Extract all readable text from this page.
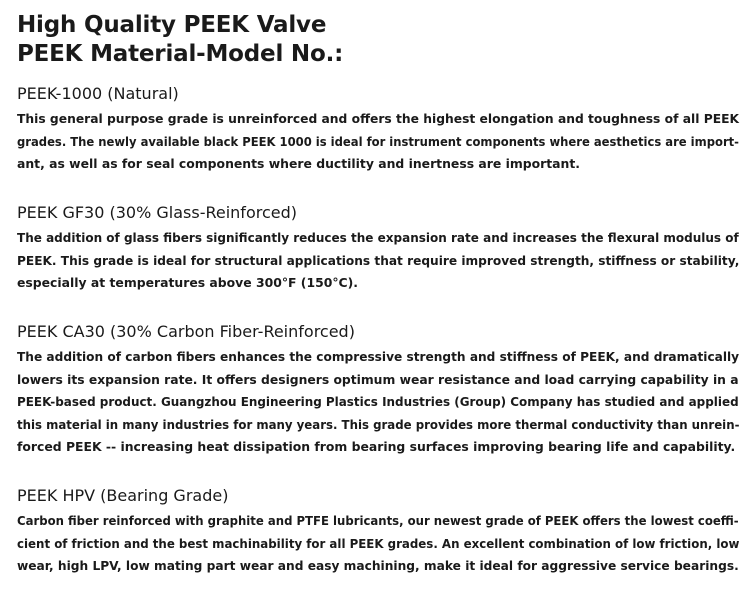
High Quality PEEK Valve
PEEK Material-Model No.:
PEEK-1000 (Natural)

This general purpose grade is unreinforced and offers the highest elongation and toughness of all PEEK
grades. The newly available black PEEK 1000 is ideal for instrument components where aesthetics are import-
ant, as well as for seal components where ductility and inertness are important.

PEEK GF30 (30% Glass-Reinforced)

The addition of glass fibers significantly reduces the expansion rate and increases the flexural modulus of
PEEK. This grade is ideal for structural applications that require improved strength, stiffness or stability,
especially at temperatures above 300°F (150°C).

PEEK CA30 (30% Carbon Fiber-Reinforced)

The addition of carbon fibers enhances the compressive strength and stiffness of PEEK, and dramatically
lowers its expansion rate. It offers designers optimum wear resistance and load carrying capability in a
PEEK-based product. Guangzhou Engineering Plastics Industries (Group) Company has studied and applied
this material in many industries for many years. This grade provides more thermal conductivity than unrein-
forced PEEK -- increasing heat dissipation from bearing surfaces improving bearing life and capability.

PEEK HPV (Bearing Grade)

Carbon fiber reinforced with graphite and PTFE lubricants, our newest grade of PEEK offers the lowest coeffi-
cient of friction and the best machinability for all PEEK grades. An excellent combination of low friction, low
wear, high LPV, low mating part wear and easy machining, make it ideal for aggressive service bearings.
